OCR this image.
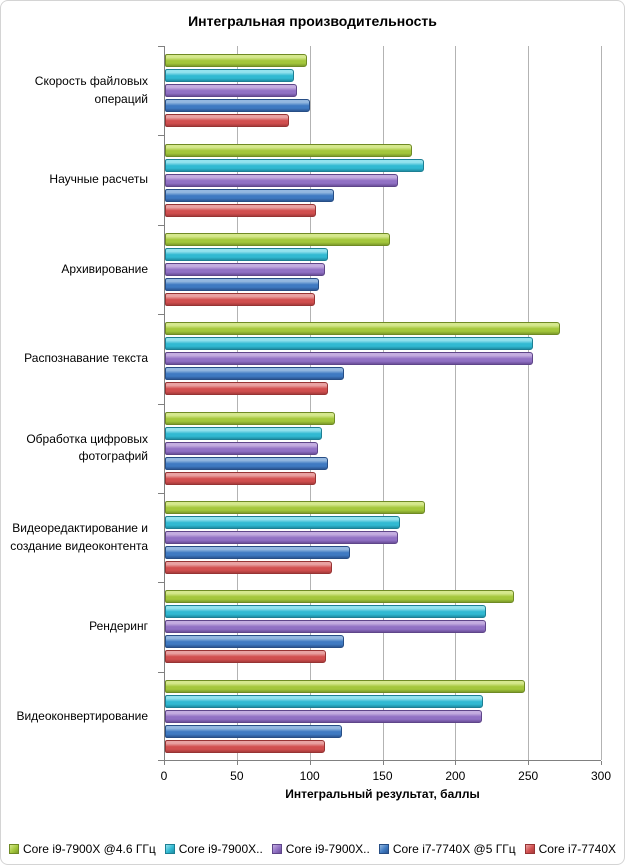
Интегральная производительность
Скорость файловых операций
Научные расчеты
Архивирование
Распознавание текста
Обработка цифровых фотографий
Видеоредактирование и создание видеоконтента
Рендеринг
Видеоконвертирование
0	50	100	150	200	250	300
Интегральный результат, баллы
Core i9-7900X @4.6 ГГц Core i9-7900X.. Core i9-7900X.. Core i7-7740X @5 ГГц Core i7-7740X
